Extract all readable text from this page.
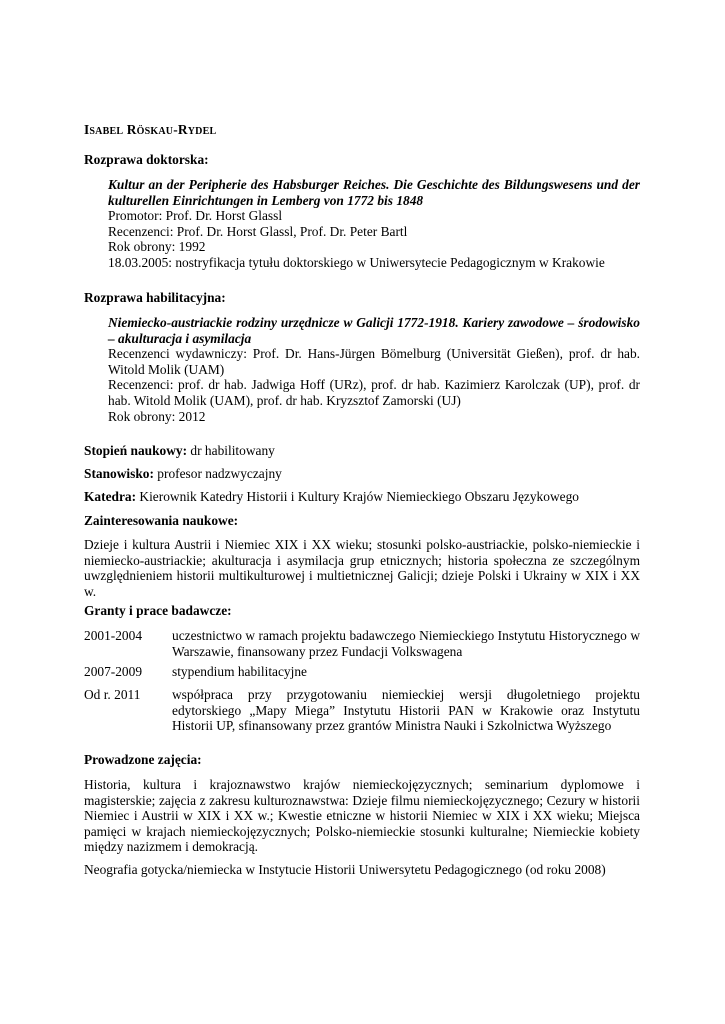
ISABEL RÖSKAU-RYDEL
Rozprawa doktorska:
Kultur an der Peripherie des Habsburger Reiches. Die Geschichte des Bildungswesens und der kulturellen Einrichtungen in Lemberg von 1772 bis 1848
Promotor: Prof. Dr. Horst Glassl
Recenzenci: Prof. Dr. Horst Glassl, Prof. Dr. Peter Bartl
Rok obrony: 1992
18.03.2005: nostryfikacja tytułu doktorskiego w Uniwersytecie Pedagogicznym w Krakowie
Rozprawa habilitacyjna:
Niemiecko-austriackie rodziny urzędnicze w Galicji 1772-1918. Kariery zawodowe – środowisko – akulturacja i asymilacja
Recenzenci wydawniczy: Prof. Dr. Hans-Jürgen Bömelburg (Universität Gießen), prof. dr hab. Witold Molik (UAM)
Recenzenci: prof. dr hab. Jadwiga Hoff (URz), prof. dr hab. Kazimierz Karolczak (UP), prof. dr hab. Witold Molik (UAM), prof. dr hab. Kryzsztof Zamorski (UJ)
Rok obrony: 2012
Stopień naukowy: dr habilitowany
Stanowisko: profesor nadzwyczajny
Katedra: Kierownik Katedry Historii i Kultury Krajów Niemieckiego Obszaru Językowego
Zainteresowania naukowe:
Dzieje i kultura Austrii i Niemiec XIX i XX wieku; stosunki polsko-austriackie, polsko-niemieckie i niemiecko-austriackie; akulturacja i asymilacja grup etnicznych; historia społeczna ze szczególnym uwzględnieniem historii multikulturowej i multietnicznej Galicji; dzieje Polski i Ukrainy w XIX i XX w.
Granty i prace badawcze:
2001-2004 uczestnictwo w ramach projektu badawczego Niemieckiego Instytutu Historycznego w Warszawie, finansowany przez Fundacji Volkswagena
2007-2009 stypendium habilitacyjne
Od r. 2011 współpraca przy przygotowaniu niemieckiej wersji długoletniego projektu edytorskiego „Mapy Miega” Instytutu Historii PAN w Krakowie oraz Instytutu Historii UP, sfinansowany przez grantów Ministra Nauki i Szkolnictwa Wyższego
Prowadzone zajęcia:
Historia, kultura i krajoznawstwo krajów niemieckojęzycznych; seminarium dyplomowe i magisterskie; zajęcia z zakresu kulturoznawstwa: Dzieje filmu niemieckojęzycznego; Cezury w historii Niemiec i Austrii w XIX i XX w.; Kwestie etniczne w historii Niemiec w XIX i XX wieku; Miejsca pamięci w krajach niemieckojęzycznych; Polsko-niemieckie stosunki kulturalne; Niemieckie kobiety między nazizmem i demokracją.
Neografia gotycka/niemiecka w Instytucie Historii Uniwersytetu Pedagogicznego (od roku 2008)
